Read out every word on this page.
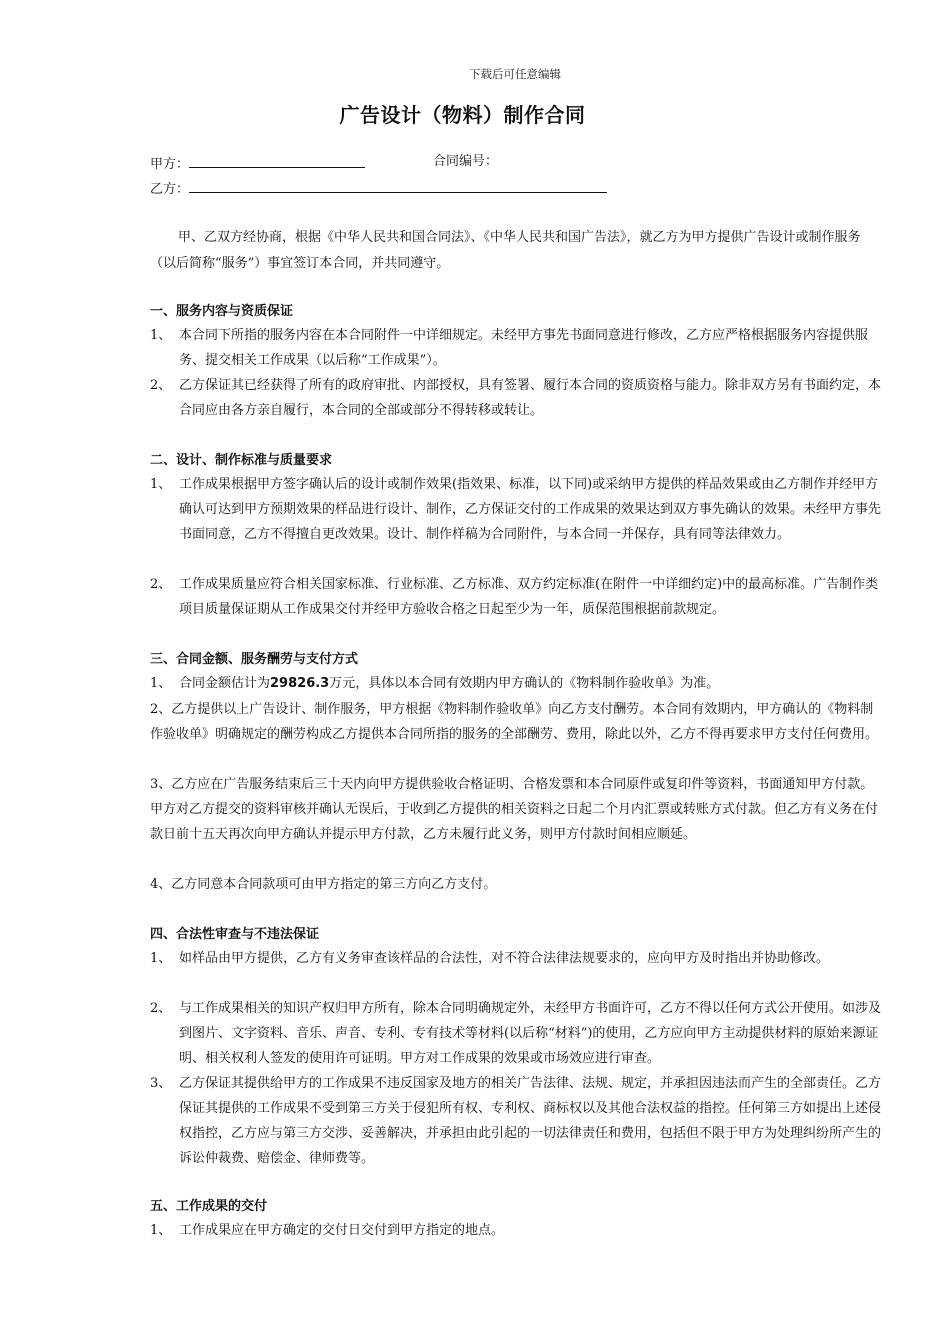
下载后可任意编辑
广告设计（物料）制作合同
甲方：	合同编号：
乙方：
甲、乙双方经协商，根据《中华人民共和国合同法》、《中华人民共和国广告法》，就乙方为甲方提供广告设计或制作服务（以后简称“服务”）事宜签订本合同，并共同遵守。
一、服务内容与资质保证
1、 本合同下所指的服务内容在本合同附件一中详细规定。未经甲方事先书面同意进行修改，乙方应严格根据服务内容提供服务、提交相关工作成果（以后称“工作成果”）。
2、 乙方保证其已经获得了所有的政府审批、内部授权，具有签署、履行本合同的资质资格与能力。除非双方另有书面约定，本合同应由各方亲自履行，本合同的全部或部分不得转移或转让。
二、设计、制作标准与质量要求
1、 工作成果根据甲方签字确认后的设计或制作效果(指效果、标准，以下同)或采纳甲方提供的样品效果或由乙方制作并经甲方确认可达到甲方预期效果的样品进行设计、制作，乙方保证交付的工作成果的效果达到双方事先确认的效果。未经甲方事先书面同意，乙方不得擅自更改效果。设计、制作样稿为合同附件，与本合同一并保存，具有同等法律效力。
2、 工作成果质量应符合相关国家标准、行业标准、乙方标准、双方约定标准(在附件一中详细约定)中的最高标准。广告制作类项目质量保证期从工作成果交付并经甲方验收合格之日起至少为一年，质保范围根据前款规定。
三、合同金额、服务酬劳与支付方式
1、 合同金额估计为29826.3万元，具体以本合同有效期内甲方确认的《物料制作验收单》为准。
2、乙方提供以上广告设计、制作服务，甲方根据《物料制作验收单》向乙方支付酬劳。本合同有效期内，甲方确认的《物料制作验收单》明确规定的酬劳构成乙方提供本合同所指的服务的全部酬劳、费用，除此以外，乙方不得再要求甲方支付任何费用。
3、乙方应在广告服务结束后三十天内向甲方提供验收合格证明、合格发票和本合同原件或复印件等资料，书面通知甲方付款。甲方对乙方提交的资料审核并确认无误后，于收到乙方提供的相关资料之日起二个月内汇票或转账方式付款。但乙方有义务在付款日前十五天再次向甲方确认并提示甲方付款，乙方未履行此义务，则甲方付款时间相应顺延。
4、乙方同意本合同款项可由甲方指定的第三方向乙方支付。
四、合法性审查与不违法保证
1、 如样品由甲方提供，乙方有义务审查该样品的合法性，对不符合法律法规要求的，应向甲方及时指出并协助修改。
2、 与工作成果相关的知识产权归甲方所有，除本合同明确规定外，未经甲方书面许可，乙方不得以任何方式公开使用。如涉及到图片、文字资料、音乐、声音、专利、专有技术等材料(以后称“材料”)的使用，乙方应向甲方主动提供材料的原始来源证明、相关权利人签发的使用许可证明。甲方对工作成果的效果或市场效应进行审查。
3、 乙方保证其提供给甲方的工作成果不违反国家及地方的相关广告法律、法规、规定，并承担因违法而产生的全部责任。乙方保证其提供的工作成果不受到第三方关于侵犯所有权、专利权、商标权以及其他合法权益的指控。任何第三方如提出上述侵权指控，乙方应与第三方交涉、妥善解决，并承担由此引起的一切法律责任和费用，包括但不限于甲方为处理纠纷所产生的诉讼仲裁费、赔偿金、律师费等。
五、工作成果的交付
1、 工作成果应在甲方确定的交付日交付到甲方指定的地点。
